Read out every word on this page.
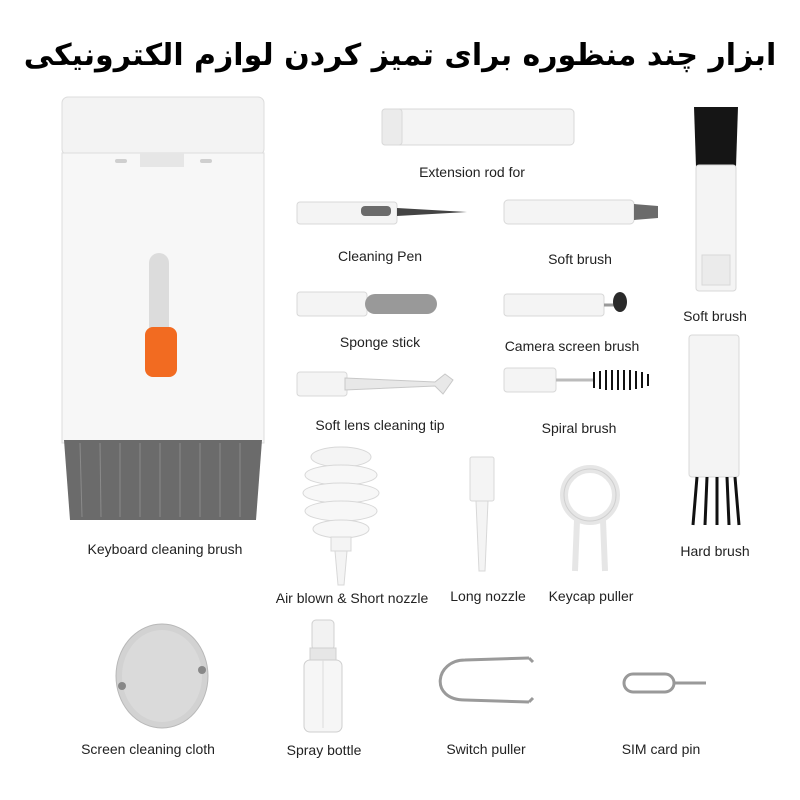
ابزار چند منظوره برای تمیز کردن لوازم الکترونیکی
Keyboard cleaning brush
Extension rod for
Cleaning Pen	Soft brush
Sponge stick	Camera screen brush
Soft lens cleaning tip	Spiral brush
Soft brush
Hard brush
Air blown & Short nozzle Long nozzle Keycap puller
Screen cleaning cloth	Spray bottle	Switch puller	SIM card pin
